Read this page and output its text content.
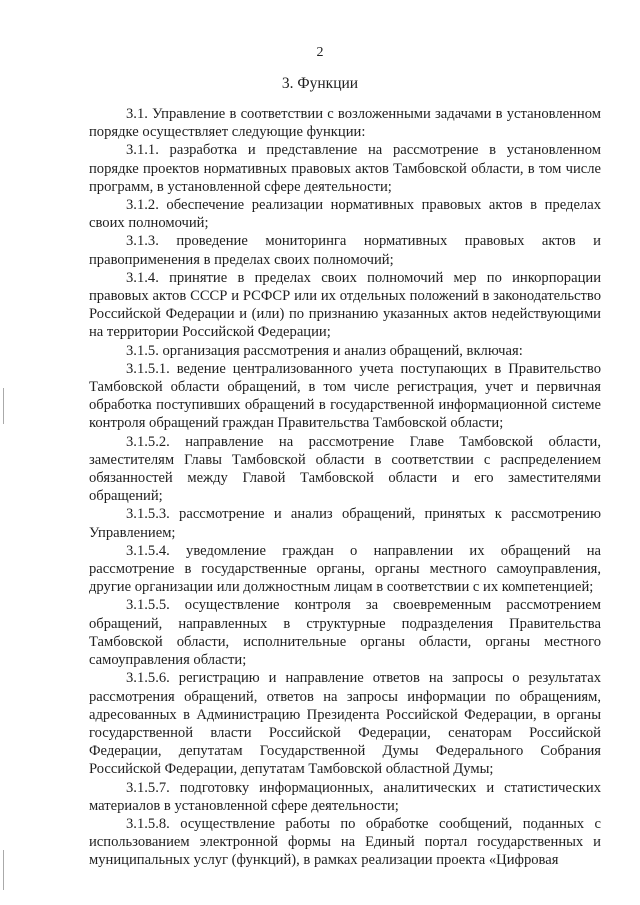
2
3. Функции

3.1. Управление в соответствии с возложенными задачами в установленном порядке осуществляет следующие функции:

3.1.1. разработка и представление на рассмотрение в установленном порядке проектов нормативных правовых актов Тамбовской области, в том числе программ, в установленной сфере деятельности;

3.1.2. обеспечение реализации нормативных правовых актов в пределах своих полномочий;

3.1.3. проведение мониторинга нормативных правовых актов и правоприменения в пределах своих полномочий;

3.1.4. принятие в пределах своих полномочий мер по инкорпорации правовых актов СССР и РСФСР или их отдельных положений в законодательство Российской Федерации и (или) по признанию указанных актов недействующими на территории Российской Федерации;

3.1.5. организация рассмотрения и анализ обращений, включая:

3.1.5.1. ведение централизованного учета поступающих в Правительство Тамбовской области обращений, в том числе регистрация, учет и первичная обработка поступивших обращений в государственной информационной системе контроля обращений граждан Правительства Тамбовской области;

3.1.5.2. направление на рассмотрение Главе Тамбовской области, заместителям Главы Тамбовской области в соответствии с распределением обязанностей между Главой Тамбовской области и его заместителями обращений;

3.1.5.3. рассмотрение и анализ обращений, принятых к рассмотрению Управлением;

3.1.5.4. уведомление граждан о направлении их обращений на рассмотрение в государственные органы, органы местного самоуправления, другие организации или должностным лицам в соответствии с их компетенцией;

3.1.5.5. осуществление контроля за своевременным рассмотрением обращений, направленных в структурные подразделения Правительства Тамбовской области, исполнительные органы области, органы местного самоуправления области;

3.1.5.6. регистрацию и направление ответов на запросы о результатах рассмотрения обращений, ответов на запросы информации по обращениям, адресованных в Администрацию Президента Российской Федерации, в органы государственной власти Российской Федерации, сенаторам Российской Федерации, депутатам Государственной Думы Федерального Собрания Российской Федерации, депутатам Тамбовской областной Думы;

3.1.5.7. подготовку информационных, аналитических и статистических материалов в установленной сфере деятельности;

3.1.5.8. осуществление работы по обработке сообщений, поданных с использованием электронной формы на Единый портал государственных и муниципальных услуг (функций), в рамках реализации проекта «Цифровая
